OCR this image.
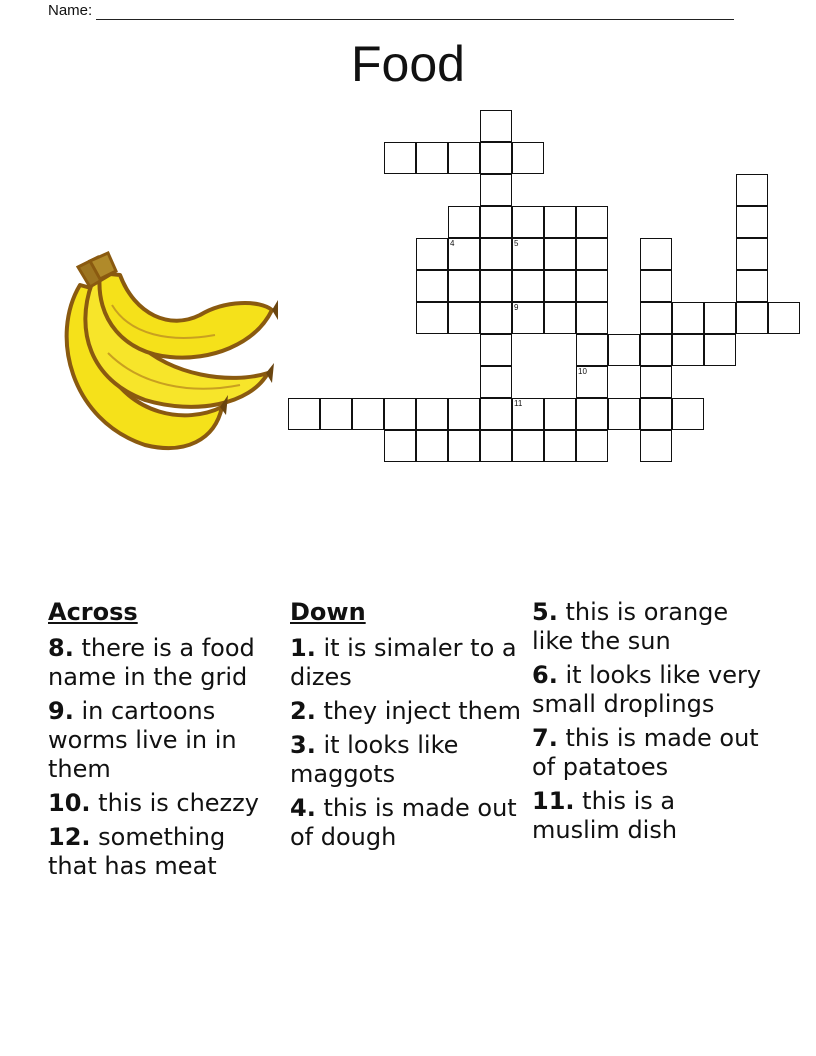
Name:
Food
11
4	5
9
10
Across
8. there is a food name in the grid
9. in cartoons worms live in in them
10. this is chezzy
12. something that has meat
Down
1. it is simaler to a dizes
2. they inject them
3. it looks like maggots
4. this is made out of dough
5. this is orange like the sun
6. it looks like very small droplings
7. this is made out of patatoes
11. this is a muslim dish
